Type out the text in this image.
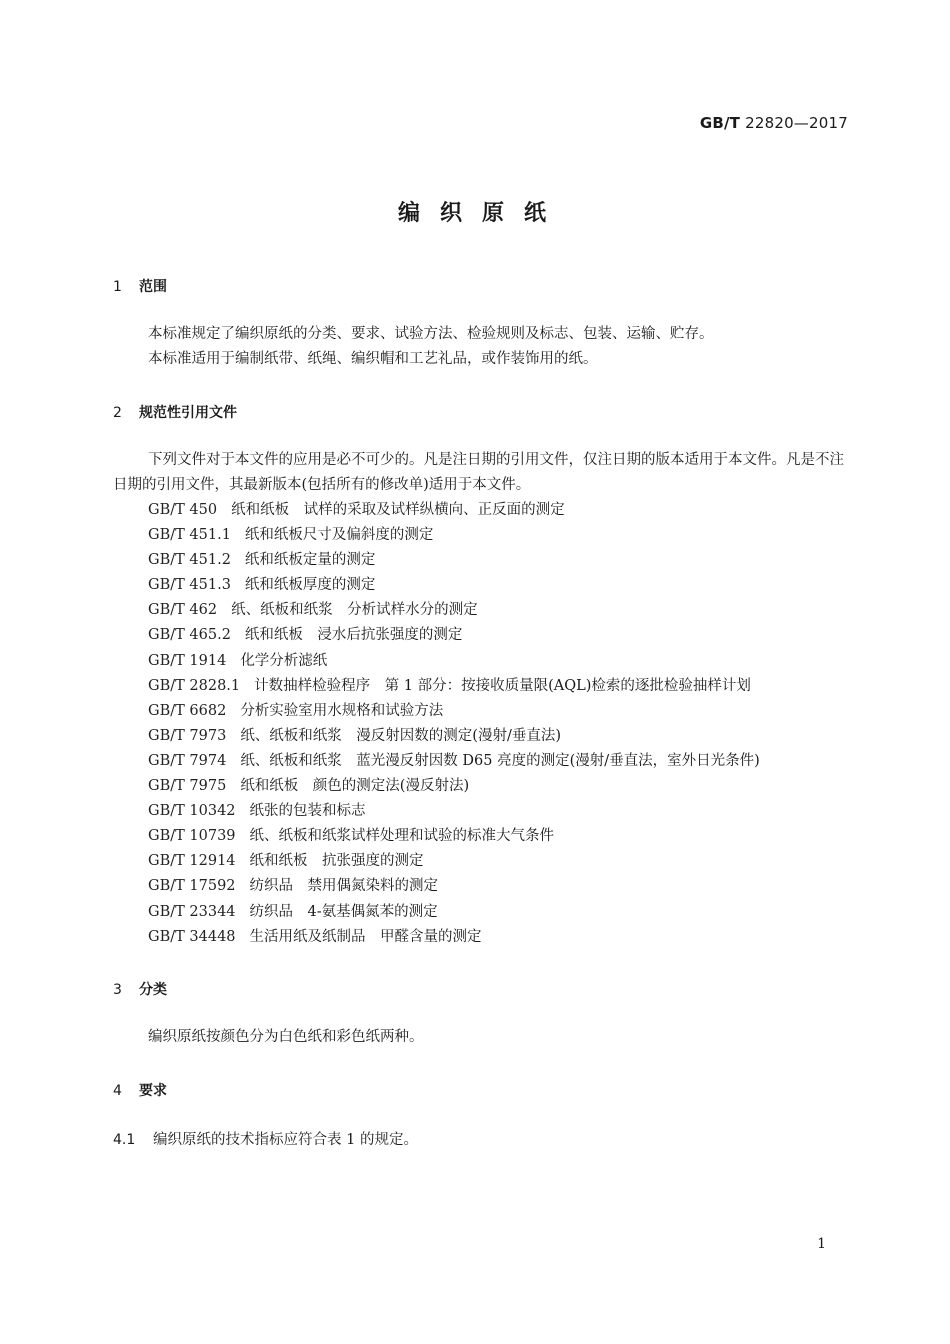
GB/T 22820—2017
编织原纸
1 范围

本标准规定了编织原纸的分类、要求、试验方法、检验规则及标志、包装、运输、贮存。

本标准适用于编制纸带、纸绳、编织帽和工艺礼品，或作装饰用的纸。

2 规范性引用文件
下列文件对于本文件的应用是必不可少的。凡是注日期的引用文件，仅注日期的版本适用于本文件。凡是不注日期的引用文件，其最新版本(包括所有的修改单)适用于本文件。
GB/T 450 纸和纸板　试样的采取及试样纵横向、正反面的测定
GB/T 451.1 纸和纸板尺寸及偏斜度的测定
GB/T 451.2 纸和纸板定量的测定
GB/T 451.3 纸和纸板厚度的测定
GB/T 462 纸、纸板和纸浆　分析试样水分的测定
GB/T 465.2 纸和纸板　浸水后抗张强度的测定
GB/T 1914 化学分析滤纸
GB/T 2828.1 计数抽样检验程序　第 1 部分：按接收质量限(AQL)检索的逐批检验抽样计划
GB/T 6682 分析实验室用水规格和试验方法
GB/T 7973 纸、纸板和纸浆　漫反射因数的测定(漫射/垂直法)
GB/T 7974 纸、纸板和纸浆　蓝光漫反射因数 D65 亮度的测定(漫射/垂直法，室外日光条件)
GB/T 7975 纸和纸板　颜色的测定法(漫反射法)
GB/T 10342 纸张的包装和标志
GB/T 10739 纸、纸板和纸浆试样处理和试验的标准大气条件
GB/T 12914 纸和纸板　抗张强度的测定
GB/T 17592 纺织品　禁用偶氮染料的测定
GB/T 23344 纺织品　4-氨基偶氮苯的测定
GB/T 34448 生活用纸及纸制品　甲醛含量的测定
3 分类

编织原纸按颜色分为白色纸和彩色纸两种。

4 要求
4.1 编织原纸的技术指标应符合表 1 的规定。
1
